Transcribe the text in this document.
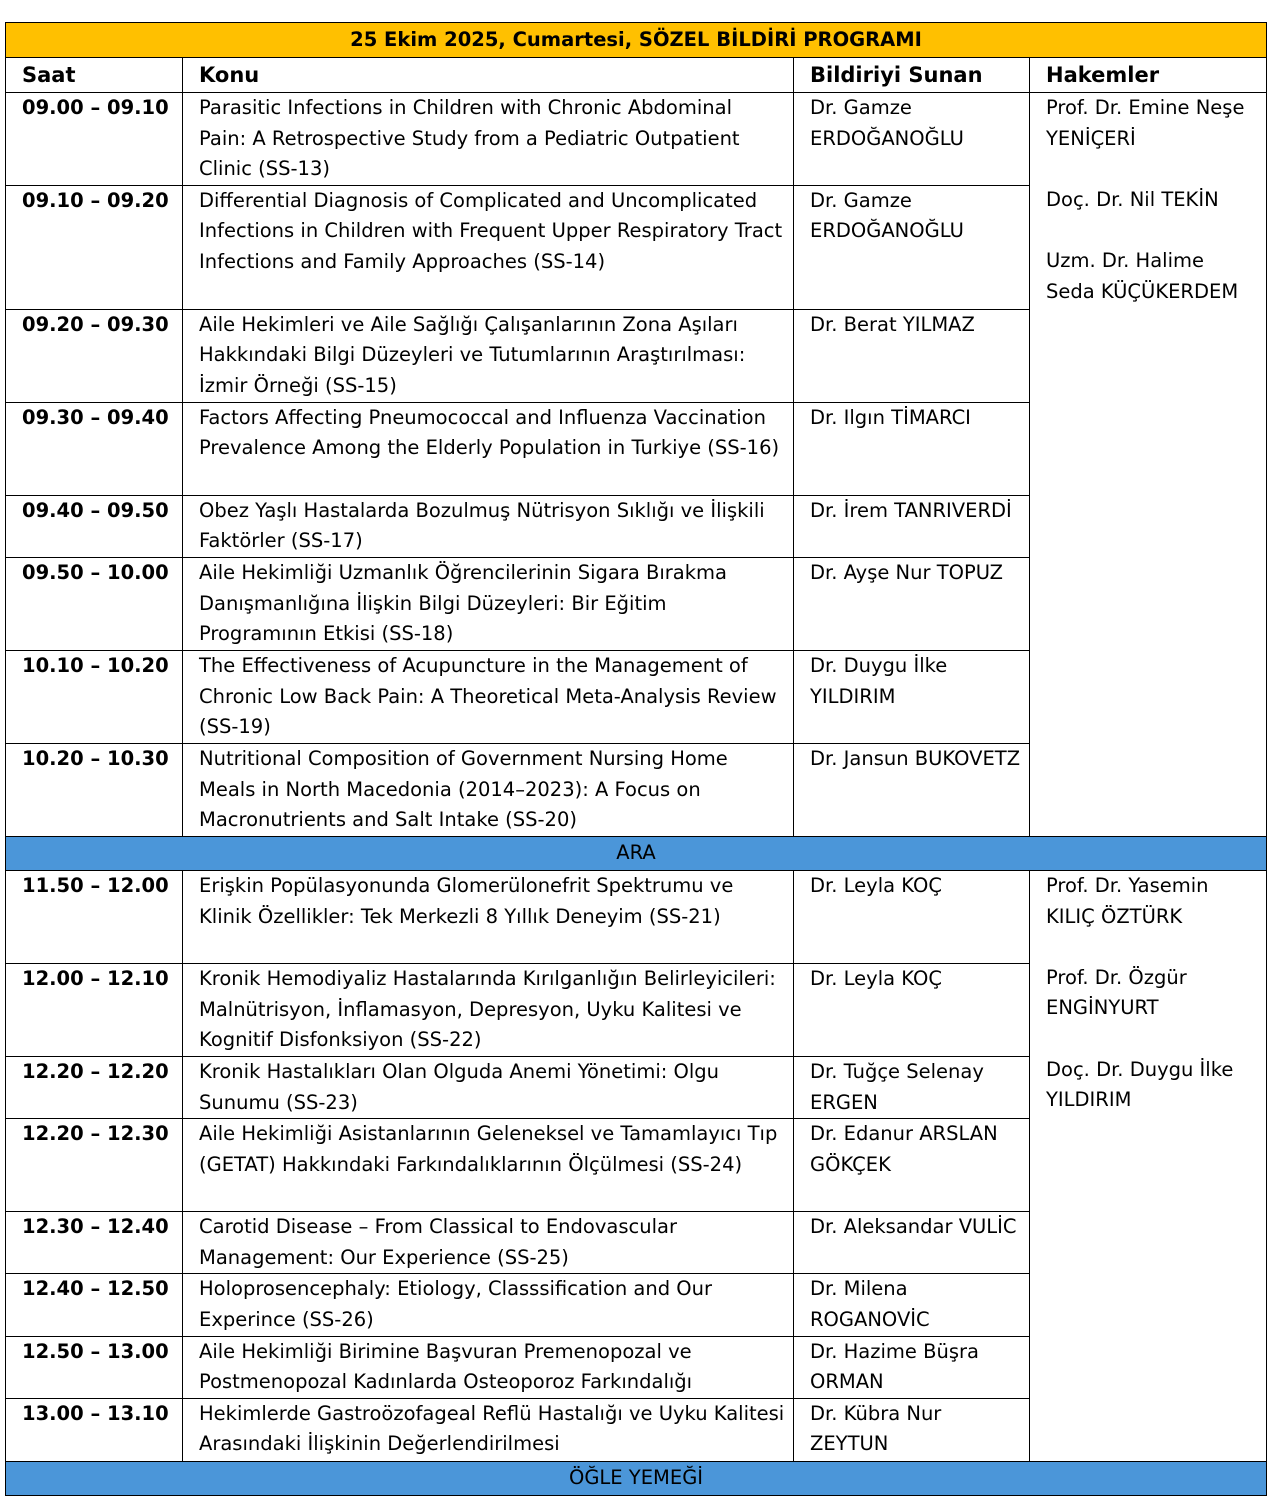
25 Ekim 2025, Cumartesi, SÖZEL BİLDİRİ PROGRAMI			
Saat	Konu	Bildiriyi Sunan	Hakemler
09.00 – 09.10	Parasitic Infections in Children with Chronic Abdominal Pain: A Retrospective Study from a Pediatric Outpatient Clinic (SS-13)	Dr. Gamze ERDOĞANOĞLU	Prof. Dr. Emine Neşe YENİÇERİ
Doç. Dr. Nil TEKİN
Uzm. Dr. Halime Seda KÜÇÜKERDEM

09.10 – 09.20	Differential Diagnosis of Complicated and Uncomplicated Infections in Children with Frequent Upper Respiratory Tract Infections and Family Approaches (SS-14)	Dr. Gamze ERDOĞANOĞLU	
09.20 – 09.30	Aile Hekimleri ve Aile Sağlığı Çalışanlarının Zona Aşıları Hakkındaki Bilgi Düzeyleri ve Tutumlarının Araştırılması: İzmir Örneği (SS-15)	Dr. Berat YILMAZ	
09.30 – 09.40	Factors Affecting Pneumococcal and Influenza Vaccination Prevalence Among the Elderly Population in Turkiye (SS-16)	Dr. Ilgın TİMARCI	
09.40 – 09.50	Obez Yaşlı Hastalarda Bozulmuş Nütrisyon Sıklığı ve İlişkili Faktörler (SS-17)	Dr. İrem TANRIVERDİ	
09.50 – 10.00	Aile Hekimliği Uzmanlık Öğrencilerinin Sigara Bırakma Danışmanlığına İlişkin Bilgi Düzeyleri: Bir Eğitim Programının Etkisi (SS-18)	Dr. Ayşe Nur TOPUZ	
10.10 – 10.20	The Effectiveness of Acupuncture in the Management of Chronic Low Back Pain: A Theoretical Meta-Analysis Review (SS-19)	Dr. Duygu İlke YILDIRIM	
10.20 – 10.30	Nutritional Composition of Government Nursing Home Meals in North Macedonia (2014–2023): A Focus on Macronutrients and Salt Intake (SS-20)	Dr. Jansun BUKOVETZ	
ARA			
11.50 – 12.00	Erişkin Popülasyonunda Glomerülonefrit Spektrumu ve Klinik Özellikler: Tek Merkezli 8 Yıllık Deneyim (SS-21)	Dr. Leyla KOÇ	Prof. Dr. Yasemin KILIÇ ÖZTÜRK
Prof. Dr. Özgür ENGİNYURT
Doç. Dr. Duygu İlke YILDIRIM

12.00 – 12.10	Kronik Hemodiyaliz Hastalarında Kırılganlığın Belirleyicileri: Malnütrisyon, İnflamasyon, Depresyon, Uyku Kalitesi ve Kognitif Disfonksiyon (SS-22)	Dr. Leyla KOÇ	
12.20 – 12.20	Kronik Hastalıkları Olan Olguda Anemi Yönetimi: Olgu Sunumu (SS-23)	Dr. Tuğçe Selenay ERGEN	
12.20 – 12.30	Aile Hekimliği Asistanlarının Geleneksel ve Tamamlayıcı Tıp (GETAT) Hakkındaki Farkındalıklarının Ölçülmesi (SS-24)	Dr. Edanur ARSLAN GÖKÇEK	
12.30 – 12.40	Carotid Disease – From Classical to Endovascular Management: Our Experience (SS-25)	Dr. Aleksandar VULİC	
12.40 – 12.50	Holoprosencephaly: Etiology, Classsification and Our Experince (SS-26)	Dr. Milena ROGANOVİC	
12.50 – 13.00	Aile Hekimliği Birimine Başvuran Premenopozal ve Postmenopozal Kadınlarda Osteoporoz Farkındalığı	Dr. Hazime Büşra ORMAN	
13.00 – 13.10	Hekimlerde Gastroözofageal Reflü Hastalığı ve Uyku Kalitesi Arasındaki İlişkinin Değerlendirilmesi	Dr. Kübra Nur ZEYTUN	
ÖĞLE YEMEĞİ			
